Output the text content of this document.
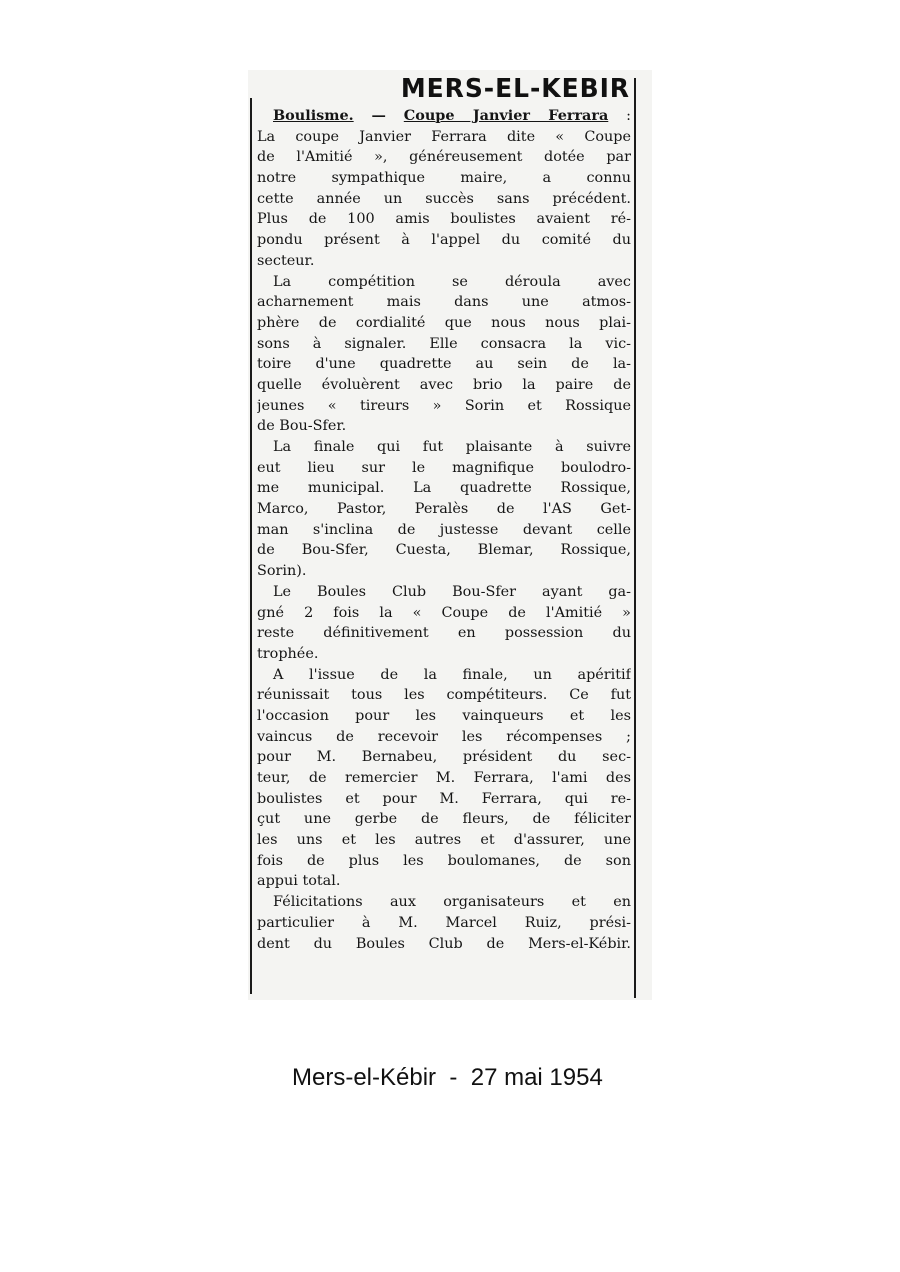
MERS-EL-KEBIR
Boulisme. — Coupe Janvier Ferrara :
La coupe Janvier Ferrara dite « Coupe
de l'Amitié », généreusement dotée par
notre sympathique maire, a connu
cette année un succès sans précédent.
Plus de 100 amis boulistes avaient ré-
pondu présent à l'appel du comité du
secteur.
La compétition se déroula avec
acharnement mais dans une atmos-
phère de cordialité que nous nous plai-
sons à signaler. Elle consacra la vic-
toire d'une quadrette au sein de la-
quelle évoluèrent avec brio la paire de
jeunes « tireurs » Sorin et Rossique
de Bou-Sfer.
La finale qui fut plaisante à suivre
eut lieu sur le magnifique boulodro-
me municipal. La quadrette Rossique,
Marco, Pastor, Peralès de l'AS Get-
man s'inclina de justesse devant celle
de Bou-Sfer, Cuesta, Blemar, Rossique,
Sorin).
Le Boules Club Bou-Sfer ayant ga-
gné 2 fois la « Coupe de l'Amitié »
reste définitivement en possession du
trophée.
A l'issue de la finale, un apéritif
réunissait tous les compétiteurs. Ce fut
l'occasion pour les vainqueurs et les
vaincus de recevoir les récompenses ;
pour M. Bernabeu, président du sec-
teur, de remercier M. Ferrara, l'ami des
boulistes et pour M. Ferrara, qui re-
çut une gerbe de fleurs, de féliciter
les uns et les autres et d'assurer, une
fois de plus les boulomanes, de son
appui total.
Félicitations aux organisateurs et en
particulier à M. Marcel Ruiz, prési-
dent du Boules Club de Mers-el-Kébir.
Mers-el-Kébir - 27 mai 1954
